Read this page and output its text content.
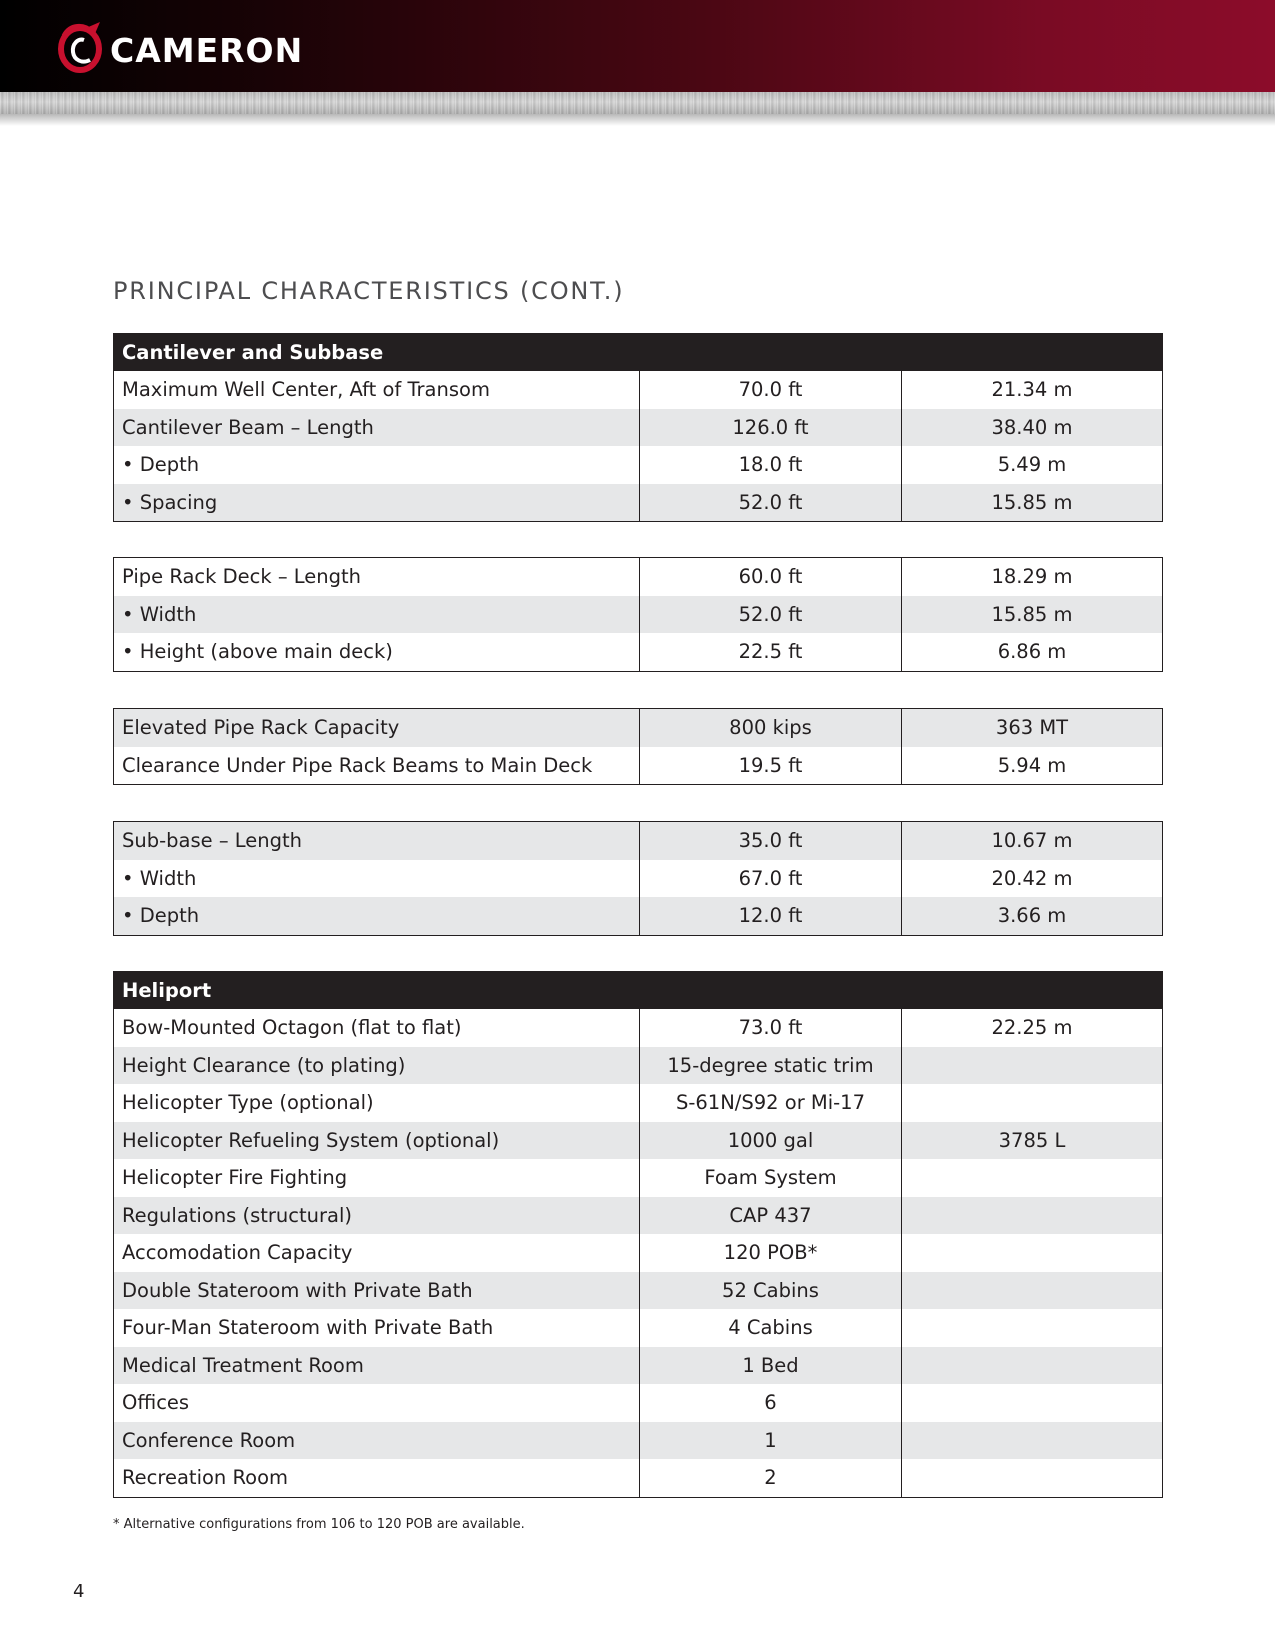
CAMERON
PRINCIPAL CHARACTERISTICS (CONT.)
Cantilever and Subbase		
Maximum Well Center, Aft of Transom	70.0 ft	21.34 m
Cantilever Beam – Length	126.0 ft	38.40 m
• Depth	18.0 ft	5.49 m
• Spacing	52.0 ft	15.85 m
Pipe Rack Deck – Length	60.0 ft	18.29 m
• Width	52.0 ft	15.85 m
• Height (above main deck)	22.5 ft	6.86 m
Elevated Pipe Rack Capacity	800 kips	363 MT
Clearance Under Pipe Rack Beams to Main Deck	19.5 ft	5.94 m
Sub-base – Length	35.0 ft	10.67 m
• Width	67.0 ft	20.42 m
• Depth	12.0 ft	3.66 m
Heliport		
Bow-Mounted Octagon (flat to flat)	73.0 ft	22.25 m
Height Clearance (to plating)	15-degree static trim	
Helicopter Type (optional)	S-61N/S92 or Mi-17	
Helicopter Refueling System (optional)	1000 gal	3785 L
Helicopter Fire Fighting	Foam System	
Regulations (structural)	CAP 437	
Accomodation Capacity	120 POB*	
Double Stateroom with Private Bath	52 Cabins	
Four-Man Stateroom with Private Bath	4 Cabins	
Medical Treatment Room	1 Bed	
Offices	6	
Conference Room	1	
Recreation Room	2	
* Alternative configurations from 106 to 120 POB are available.
4
